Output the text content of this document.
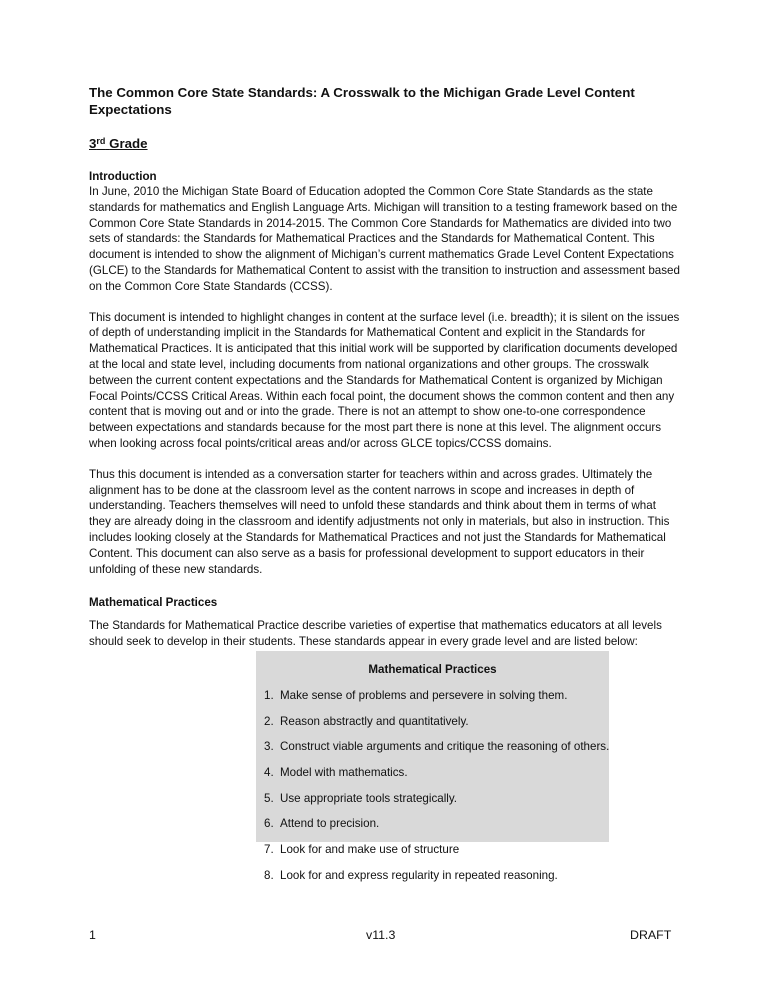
The Common Core State Standards: A Crosswalk to the Michigan Grade Level Content Expectations
3rd Grade
Introduction

In June, 2010 the Michigan State Board of Education adopted the Common Core State Standards as the state standards for mathematics and English Language Arts. Michigan will transition to a testing framework based on the Common Core State Standards in 2014-2015. The Common Core Standards for Mathematics are divided into two sets of standards: the Standards for Mathematical Practices and the Standards for Mathematical Content. This document is intended to show the alignment of Michigan’s current mathematics Grade Level Content Expectations (GLCE) to the Standards for Mathematical Content to assist with the transition to instruction and assessment based on the Common Core State Standards (CCSS).

This document is intended to highlight changes in content at the surface level (i.e. breadth); it is silent on the issues of depth of understanding implicit in the Standards for Mathematical Content and explicit in the Standards for Mathematical Practices. It is anticipated that this initial work will be supported by clarification documents developed at the local and state level, including documents from national organizations and other groups. The crosswalk between the current content expectations and the Standards for Mathematical Content is organized by Michigan Focal Points/CCSS Critical Areas. Within each focal point, the document shows the common content and then any content that is moving out and or into the grade. There is not an attempt to show one-to-one correspondence between expectations and standards because for the most part there is none at this level. The alignment occurs when looking across focal points/critical areas and/or across GLCE topics/CCSS domains.

Thus this document is intended as a conversation starter for teachers within and across grades. Ultimately the alignment has to be done at the classroom level as the content narrows in scope and increases in depth of understanding. Teachers themselves will need to unfold these standards and think about them in terms of what they are already doing in the classroom and identify adjustments not only in materials, but also in instruction. This includes looking closely at the Standards for Mathematical Practices and not just the Standards for Mathematical Content. This document can also serve as a basis for professional development to support educators in their unfolding of these new standards.

Mathematical Practices

The Standards for Mathematical Practice describe varieties of expertise that mathematics educators at all levels should seek to develop in their students. These standards appear in every grade level and are listed below:

Mathematical Practices
1. Make sense of problems and persevere in solving them.
2. Reason abstractly and quantitatively.
3. Construct viable arguments and critique the reasoning of others.
4. Model with mathematics.
5. Use appropriate tools strategically.
6. Attend to precision.
7. Look for and make use of structure
8. Look for and express regularity in repeated reasoning.
1	v11.3	DRAFT
